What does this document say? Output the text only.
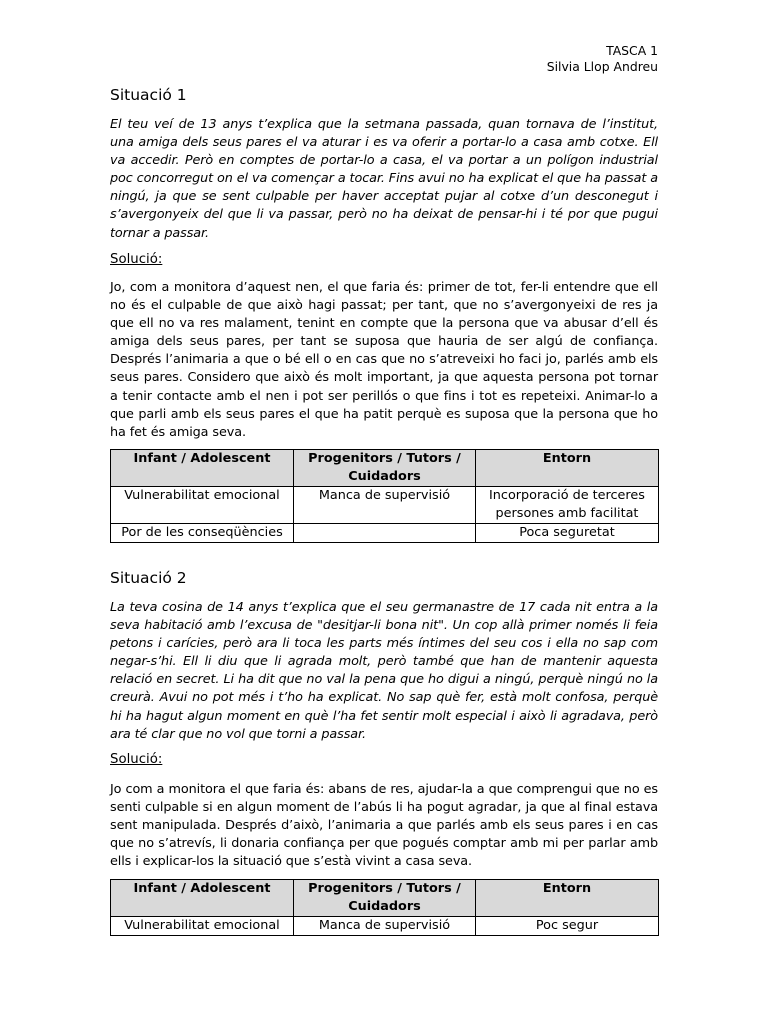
TASCA 1
Silvia Llop Andreu
Situació 1

El teu veí de 13 anys t’explica que la setmana passada, quan tornava de l’institut, una amiga dels seus pares el va aturar i es va oferir a portar-lo a casa amb cotxe. Ell va accedir. Però en comptes de portar-lo a casa, el va portar a un polígon industrial poc concorregut on el va començar a tocar. Fins avui no ha explicat el que ha passat a ningú, ja que se sent culpable per haver acceptat pujar al cotxe d’un desconegut i s’avergonyeix del que li va passar, però no ha deixat de pensar-hi i té por que pugui tornar a passar.

Solució:

Jo, com a monitora d’aquest nen, el que faria és: primer de tot, fer-li entendre que ell no és el culpable de que això hagi passat; per tant, que no s’avergonyeixi de res ja que ell no va res malament, tenint en compte que la persona que va abusar d’ell és amiga dels seus pares, per tant se suposa que hauria de ser algú de confiança. Després l’animaria a que o bé ell o en cas que no s’atreveixi ho faci jo, parlés amb els seus pares. Considero que això és molt important, ja que aquesta persona pot tornar a tenir contacte amb el nen i pot ser perillós o que fins i tot es repeteixi. Animar-lo a que parli amb els seus pares el que ha patit perquè es suposa que la persona que ho ha fet és amiga seva.

Infant / Adolescent	Progenitors / Tutors / Cuidadors	Entorn
Vulnerabilitat emocional	Manca de supervisió	Incorporació de terceres persones amb facilitat
Por de les conseqüències		Poca seguretat
Situació 2

La teva cosina de 14 anys t’explica que el seu germanastre de 17 cada nit entra a la seva habitació amb l’excusa de "desitjar-li bona nit". Un cop allà primer només li feia petons i carícies, però ara li toca les parts més íntimes del seu cos i ella no sap com negar-s’hi. Ell li diu que li agrada molt, però també que han de mantenir aquesta relació en secret. Li ha dit que no val la pena que ho digui a ningú, perquè ningú no la creurà. Avui no pot més i t’ho ha explicat. No sap què fer, està molt confosa, perquè hi ha hagut algun moment en què l’ha fet sentir molt especial i això li agradava, però ara té clar que no vol que torni a passar.

Solució:

Jo com a monitora el que faria és: abans de res, ajudar-la a que comprengui que no es senti culpable si en algun moment de l’abús li ha pogut agradar, ja que al final estava sent manipulada. Després d’això, l’animaria a que parlés amb els seus pares i en cas que no s’atrevís, li donaria confiança per que pogués comptar amb mi per parlar amb ells i explicar-los la situació que s’està vivint a casa seva.

Infant / Adolescent	Progenitors / Tutors / Cuidadors	Entorn
Vulnerabilitat emocional	Manca de supervisió	Poc segur
